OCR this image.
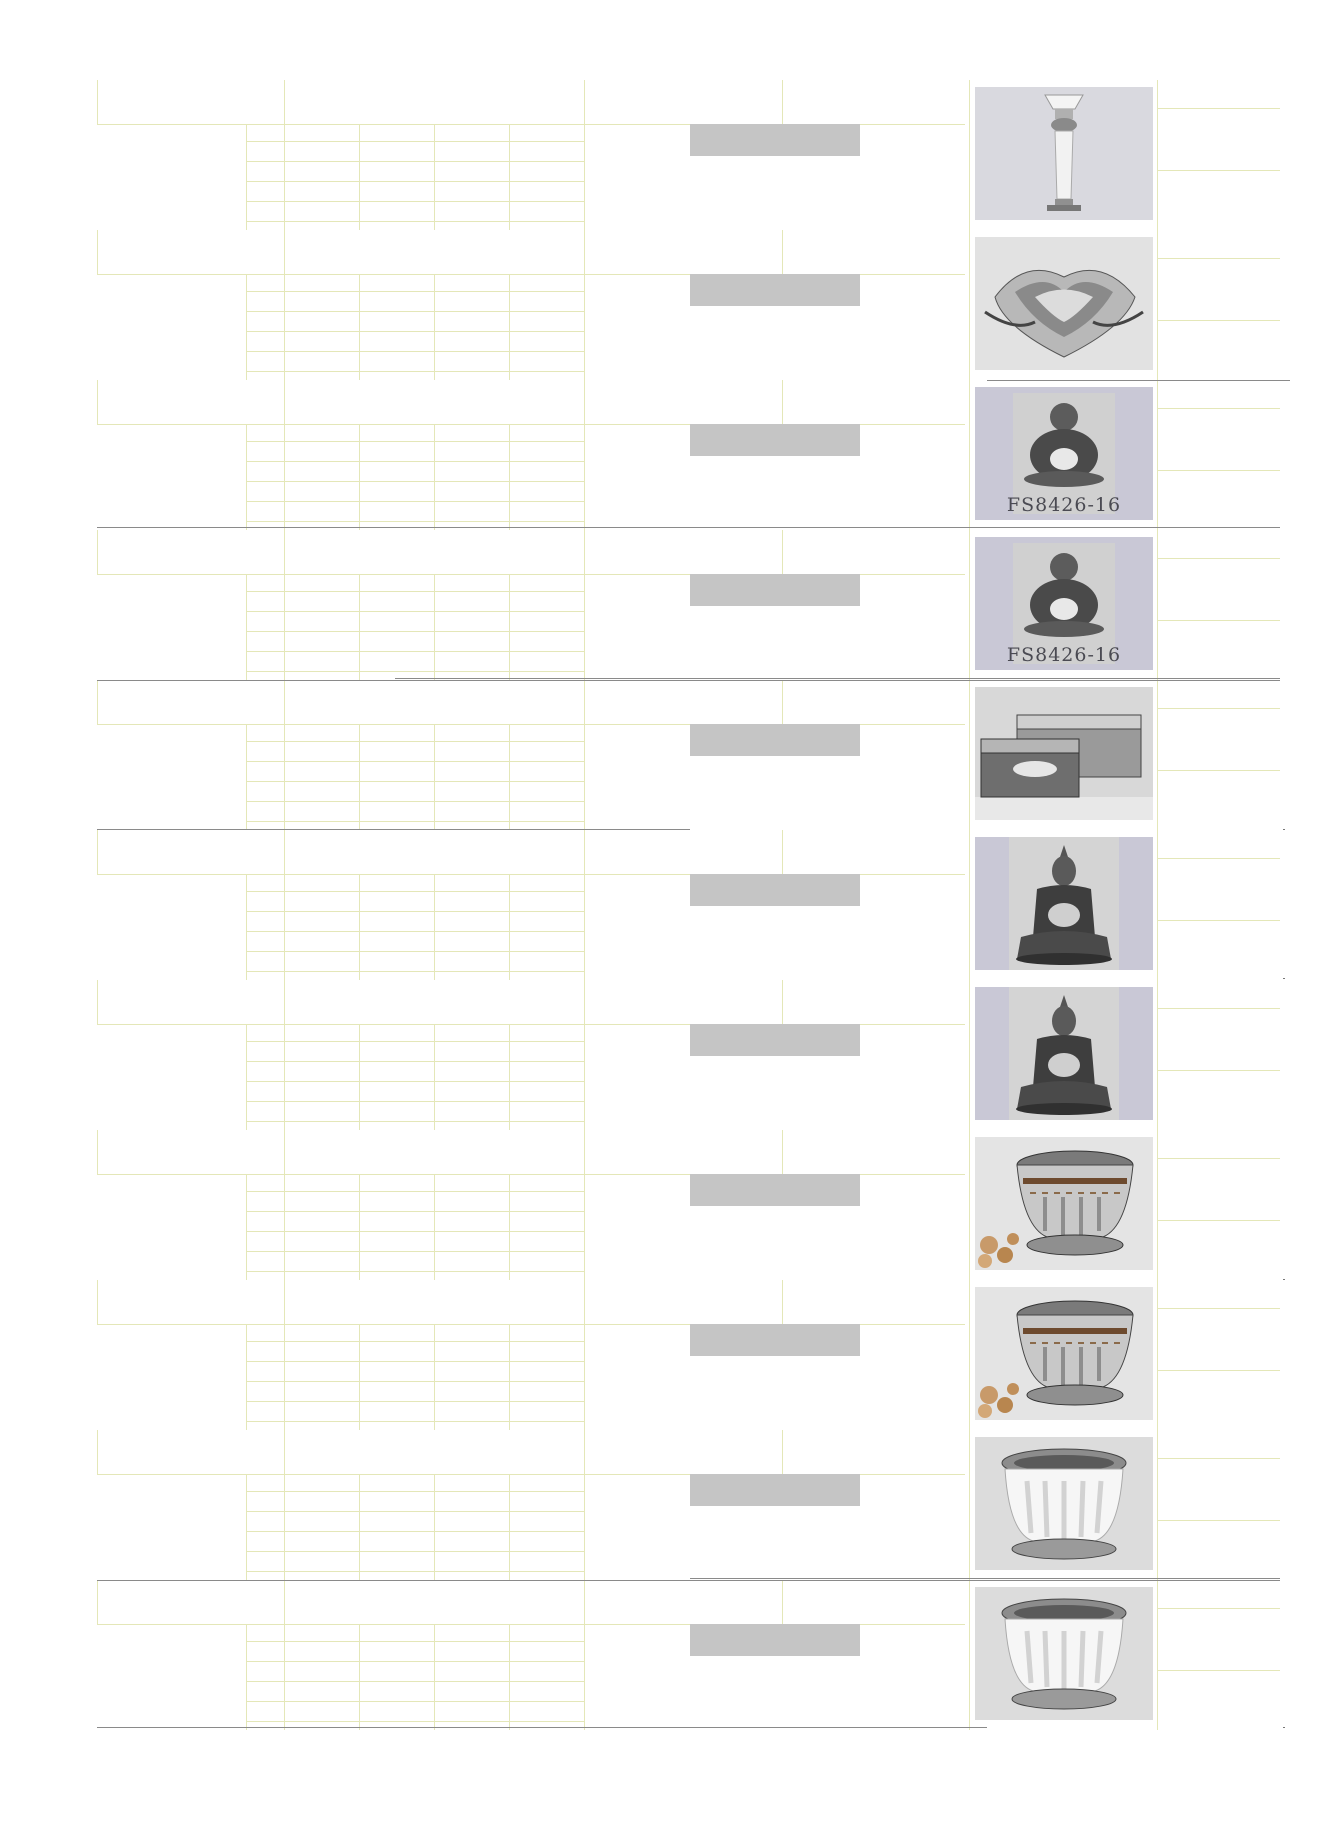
FS8426-16
FS8426-16
